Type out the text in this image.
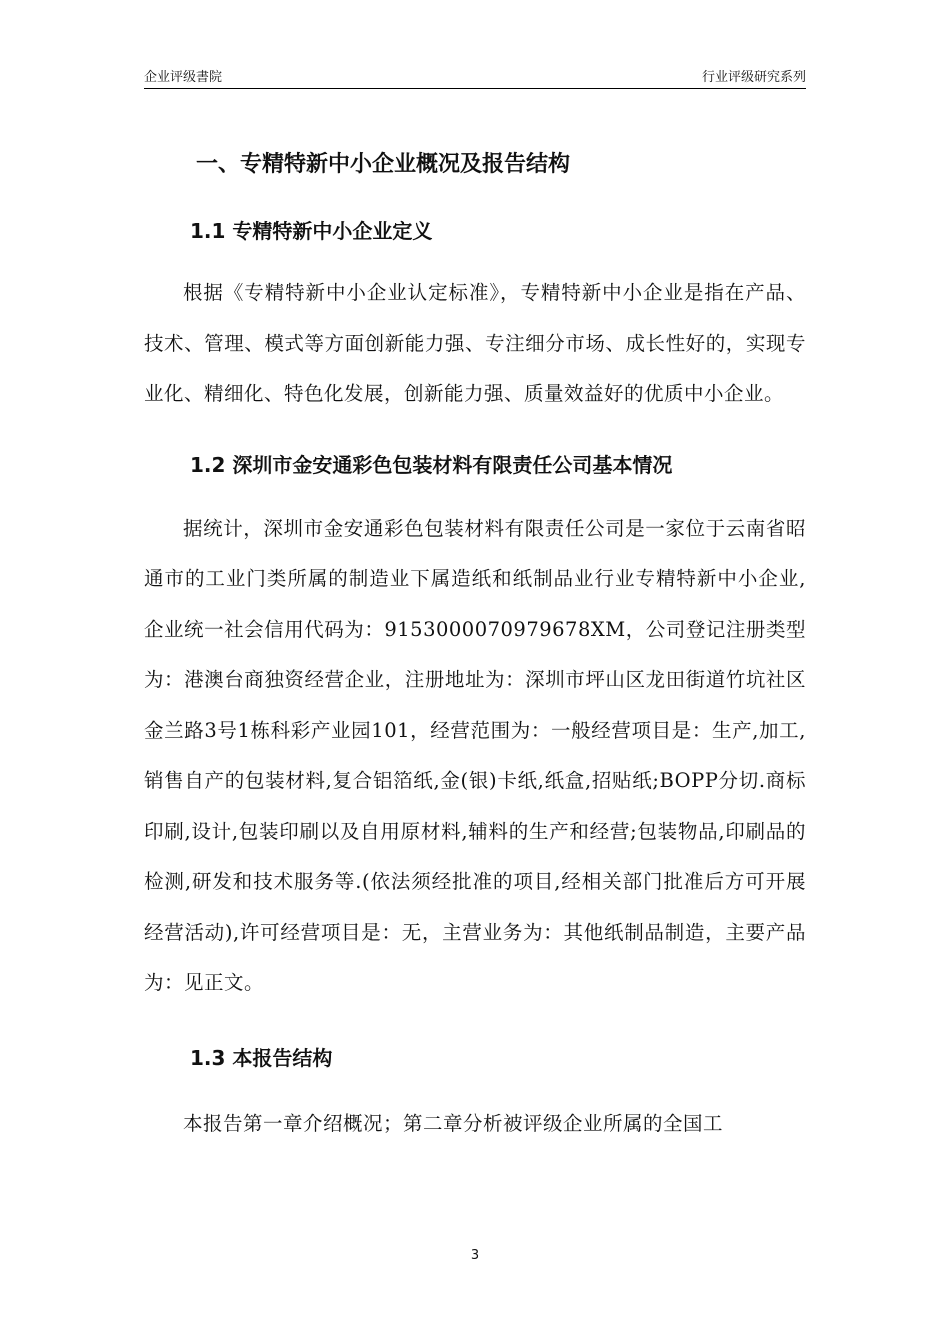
企业评级書院	行业评级研究系列
一、专精特新中小企业概况及报告结构
1.1 专精特新中小企业定义

根据《专精特新中小企业认定标准》，专精特新中小企业是指在产品、技术、管理、模式等方面创新能力强、专注细分市场、成长性好的，实现专业化、精细化、特色化发展，创新能力强、质量效益好的优质中小企业。

1.2 深圳市金安通彩色包装材料有限责任公司基本情况

据统计，深圳市金安通彩色包装材料有限责任公司是一家位于云南省昭通市的工业门类所属的制造业下属造纸和纸制品业行业专精特新中小企业,企业统一社会信用代码为：9153000070979678XM，公司登记注册类型为：港澳台商独资经营企业，注册地址为：深圳市坪山区龙田街道竹坑社区金兰路3号1栋科彩产业园101，经营范围为：一般经营项目是：生产,加工,销售自产的包装材料,复合铝箔纸,金(银)卡纸,纸盒,招贴纸;BOPP分切.商标印刷,设计,包装印刷以及自用原材料,辅料的生产和经营;包装物品,印刷品的检测,研发和技术服务等.(依法须经批准的项目,经相关部门批准后方可开展经营活动),许可经营项目是：无，主营业务为：其他纸制品制造，主要产品为：见正文。

1.3 本报告结构

本报告第一章介绍概况；第二章分析被评级企业所属的全国工

3
